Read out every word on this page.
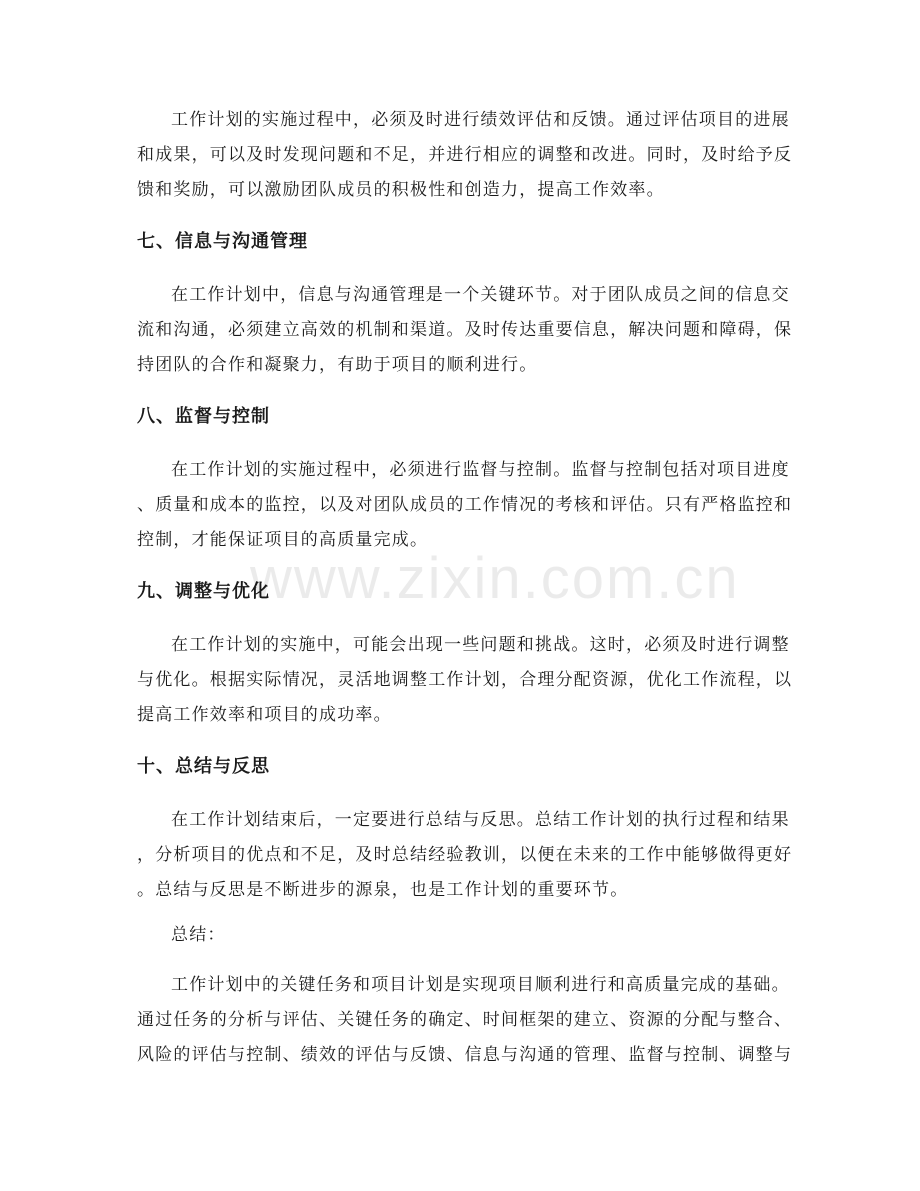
工作计划的实施过程中，必须及时进行绩效评估和反馈。通过评估项目的进展
和成果，可以及时发现问题和不足，并进行相应的调整和改进。同时，及时给予反
馈和奖励，可以激励团队成员的积极性和创造力，提高工作效率。
七、信息与沟通管理
在工作计划中，信息与沟通管理是一个关键环节。对于团队成员之间的信息交
流和沟通，必须建立高效的机制和渠道。及时传达重要信息，解决问题和障碍，保
持团队的合作和凝聚力，有助于项目的顺利进行。
八、监督与控制
在工作计划的实施过程中，必须进行监督与控制。监督与控制包括对项目进度
、质量和成本的监控，以及对团队成员的工作情况的考核和评估。只有严格监控和
控制，才能保证项目的高质量完成。
九、调整与优化
在工作计划的实施中，可能会出现一些问题和挑战。这时，必须及时进行调整
与优化。根据实际情况，灵活地调整工作计划，合理分配资源，优化工作流程，以
提高工作效率和项目的成功率。
十、总结与反思
在工作计划结束后，一定要进行总结与反思。总结工作计划的执行过程和结果
，分析项目的优点和不足，及时总结经验教训，以便在未来的工作中能够做得更好
。总结与反思是不断进步的源泉，也是工作计划的重要环节。
总结：
工作计划中的关键任务和项目计划是实现项目顺利进行和高质量完成的基础。
通过任务的分析与评估、关键任务的确定、时间框架的建立、资源的分配与整合、
风险的评估与控制、绩效的评估与反馈、信息与沟通的管理、监督与控制、调整与
www.zixin.com.cn
